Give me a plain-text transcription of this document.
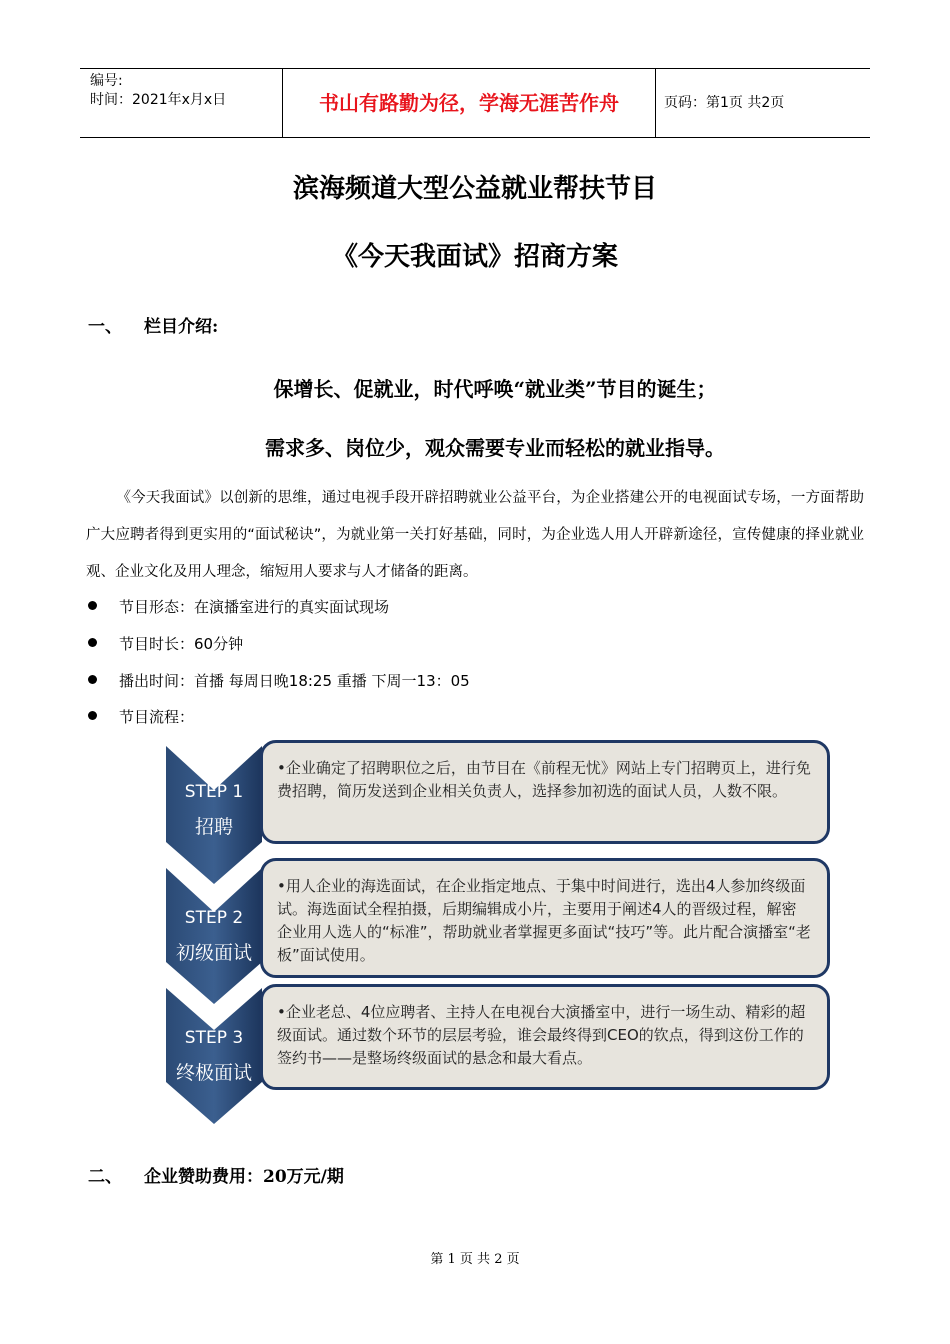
编号:
时间：2021年x月x日	书山有路勤为径，学海无涯苦作舟	页码：第1页 共2页
滨海频道大型公益就业帮扶节目
《今天我面试》招商方案
一、 栏目介绍:
保增长、促就业，时代呼唤“就业类”节目的诞生；
需求多、岗位少，观众需要专业而轻松的就业指导。
《今天我面试》以创新的思维，通过电视手段开辟招聘就业公益平台，为企业搭建公开的电视面试专场，一方面帮助广大应聘者得到更实用的“面试秘诀”，为就业第一关打好基础，同时，为企业选人用人开辟新途径，宣传健康的择业就业观、企业文化及用人理念，缩短用人要求与人才储备的距离。
节目形态：在演播室进行的真实面试现场
节目时长：60分钟
播出时间：首播 每周日晚18:25 重播 下周一13：05
节目流程：
STEP 1
招聘
STEP 2
初级面试
STEP 3
终极面试
•企业确定了招聘职位之后，由节目在《前程无忧》网站上专门招聘页上，进行免费招聘，简历发送到企业相关负责人，选择参加初选的面试人员，人数不限。
•用人企业的海选面试，在企业指定地点、于集中时间进行，选出4人参加终级面试。海选面试全程拍摄，后期编辑成小片，主要用于阐述4人的晋级过程，解密企业用人选人的“标准”，帮助就业者掌握更多面试“技巧”等。此片配合演播室“老板”面试使用。
•企业老总、4位应聘者、主持人在电视台大演播室中，进行一场生动、精彩的超级面试。通过数个环节的层层考验，谁会最终得到CEO的钦点，得到这份工作的签约书——是整场终级面试的悬念和最大看点。
二、 企业赞助费用：20万元/期
第 1 页 共 2 页
